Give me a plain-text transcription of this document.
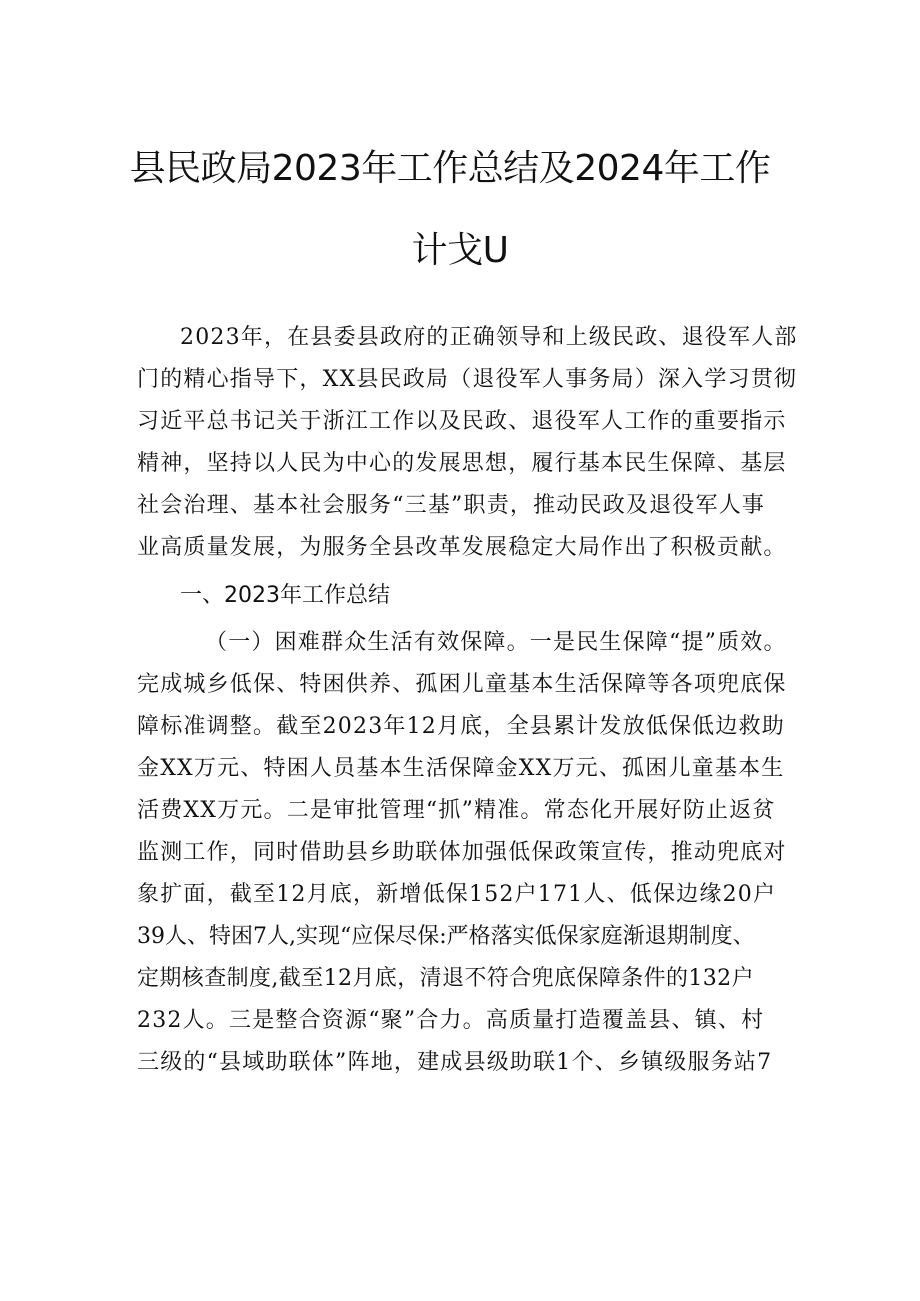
县民政局2023年工作总结及2024年工作
计戈U
2023年，在县委县政府的正确领导和上级民政、退役军人部
门的精心指导下，XX县民政局（退役军人事务局）深入学习贯彻
习近平总书记关于浙江工作以及民政、退役军人工作的重要指示
精神，坚持以人民为中心的发展思想，履行基本民生保障、基层
社会治理、基本社会服务“三基”职责，推动民政及退役军人事
业高质量发展，为服务全县改革发展稳定大局作出了积极贡献。
一、2023年工作总结
（一）困难群众生活有效保障。一是民生保障“提”质效。
完成城乡低保、特困供养、孤困儿童基本生活保障等各项兜底保
障标准调整。截至2023年12月底，全县累计发放低保低边救助
金XX万元、特困人员基本生活保障金XX万元、孤困儿童基本生
活费XX万元。二是审批管理“抓”精准。常态化开展好防止返贫
监测工作，同时借助县乡助联体加强低保政策宣传，推动兜底对
象扩面，截至12月底，新增低保152户171人、低保边缘20户
39人、特困7人,实现“应保尽保:严格落实低保家庭渐退期制度、
定期核查制度,截至12月底，清退不符合兜底保障条件的132户
232人。三是整合资源“聚”合力。高质量打造覆盖县、镇、村
三级的“县域助联体”阵地，建成县级助联1个、乡镇级服务站7
